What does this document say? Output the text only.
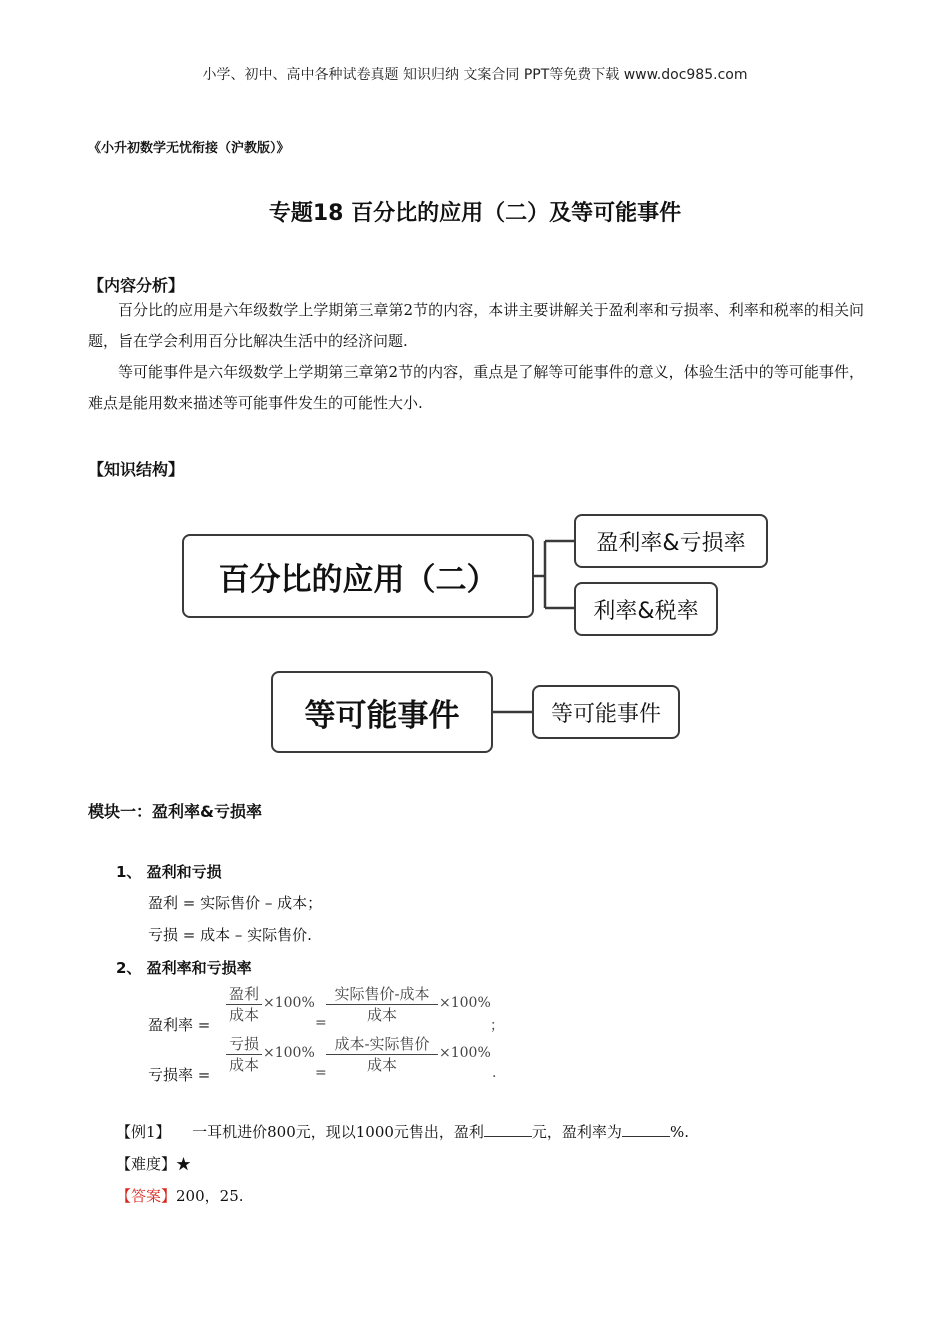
小学、初中、高中各种试卷真题 知识归纳 文案合同 PPT等免费下载 www.doc985.com
《小升初数学无忧衔接（沪教版）》
专题18 百分比的应用（二）及等可能事件
【内容分析】

百分比的应用是六年级数学上学期第三章第2节的内容，本讲主要讲解关于盈利率和亏损率、利率和税率的相关问题，旨在学会利用百分比解决生活中的经济问题.

等可能事件是六年级数学上学期第三章第2节的内容，重点是了解等可能事件的意义，体验生活中的等可能事件，难点是能用数来描述等可能事件发生的可能性大小.

【知识结构】
百分比的应用（二）
盈利率&亏损率
利率&税率
等可能事件	等可能事件
模块一：盈利率&亏损率
1、 盈利和亏损
盈利 = 实际售价 – 成本；
亏损 = 成本 – 实际售价.
2、 盈利率和亏损率
盈利率 =
盈利
成本
×100%
=
实际售价-成本
成本
×100%
；
亏损率 =
亏损
成本
×100%
=
成本-实际售价
成本
×100%
.
【例1】 一耳机进价800元，现以1000元售出，盈利	元，盈利率为	%.
【难度】★
【答案】200，25.
